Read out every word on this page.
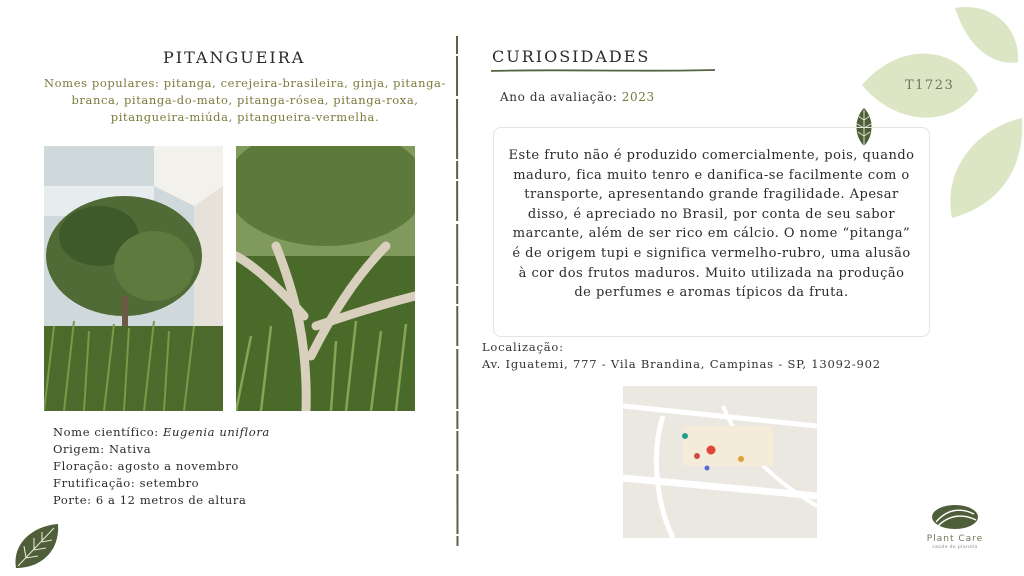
T1723
PITANGUEIRA
Nomes populares: pitanga, cerejeira-brasileira, ginja, pitanga-branca, pitanga-do-mato, pitanga-rósea, pitanga-roxa, pitangueira-miúda, pitangueira-vermelha.
Nome científico: Eugenia uniflora
Origem: Nativa
Floração: agosto a novembro
Frutificação: setembro
Porte: 6 a 12 metros de altura
CURIOSIDADES
Ano da avaliação: 2023
Este fruto não é produzido comercialmente, pois, quando maduro, fica muito tenro e danifica-se facilmente com o transporte, apresentando grande fragilidade. Apesar disso, é apreciado no Brasil, por conta de seu sabor marcante, além de ser rico em cálcio. O nome “pitanga” é de origem tupi e significa vermelho-rubro, uma alusão à cor dos frutos maduros. Muito utilizada na produção de perfumes e aromas típicos da fruta.
Localização:
Av. Iguatemi, 777 - Vila Brandina, Campinas - SP, 13092-902
Plant Care
saúde do planeta
